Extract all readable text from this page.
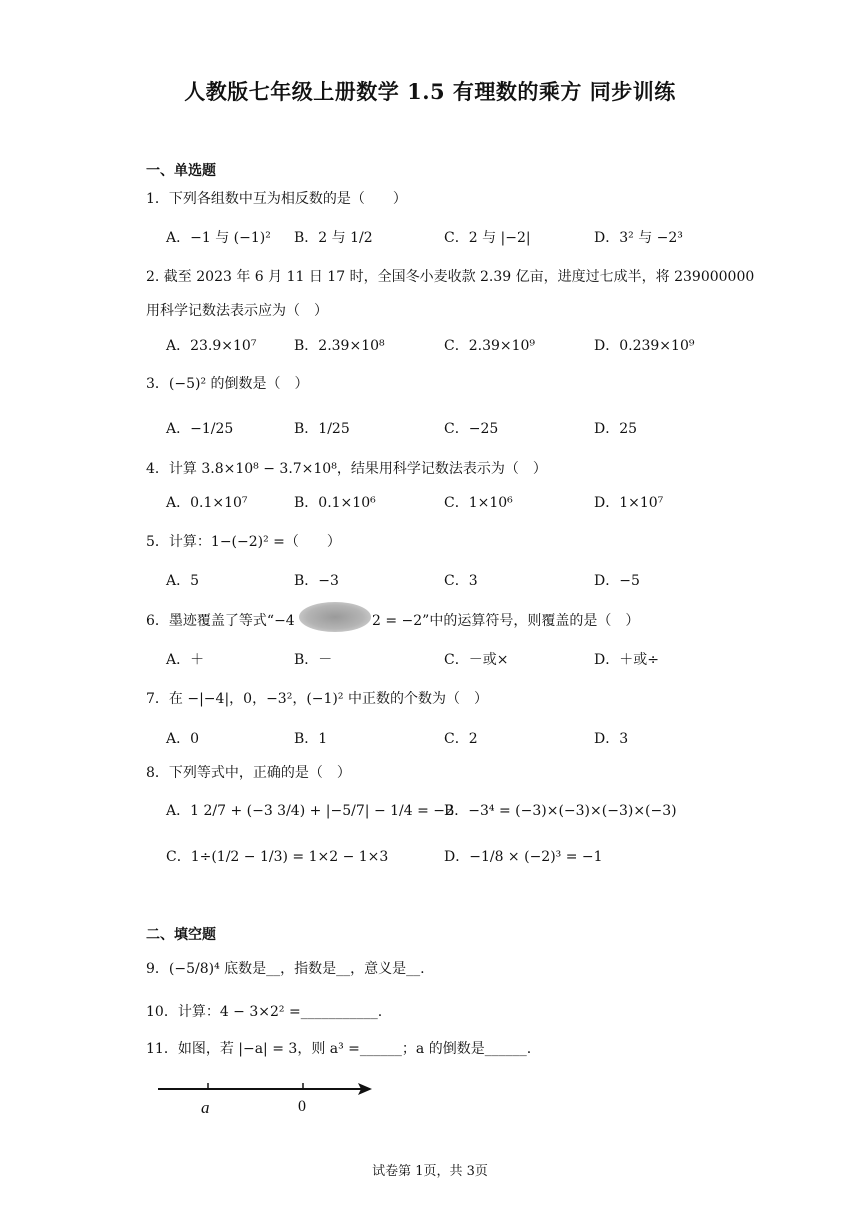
人教版七年级上册数学 1.5 有理数的乘方 同步训练
一、单选题
1．下列各组数中互为相反数的是（　　）
A．−1 与 (−1)² B．2 与 1/2	C．2 与 |−2|	D．3² 与 −2³
2. 截至 2023 年 6 月 11 日 17 时，全国冬小麦收款 2.39 亿亩，进度过七成半，将 239000000
用科学记数法表示应为（　）
A．23.9×10⁷	B．2.39×10⁸	C．2.39×10⁹	D．0.239×10⁹
3．(−5)² 的倒数是（　）
A．−1/25	B．1/25	C．−25	D．25
4．计算 3.8×10⁸ − 3.7×10⁸，结果用科学记数法表示为（　）
A．0.1×10⁷	B．0.1×10⁶	C．1×10⁶	D．1×10⁷
5．计算：1−(−2)² =（　　）
A．5	B．−3	C．3	D．−5
6．墨迹覆盖了等式“−4	2 = −2”中的运算符号，则覆盖的是（　）
A．＋	B．－	C．－或×	D．＋或÷
7．在 −|−4|，0，−3²，(−1)² 中正数的个数为（　）
A．0	B．1	C．2	D．3
8．下列等式中，正确的是（　）
A．1 2/7 + (−3 3/4) + |−5/7| − 1/4 = −2
B．−3⁴ = (−3)×(−3)×(−3)×(−3)
C．1÷(1/2 − 1/3) = 1×2 − 1×3	D．−1/8 × (−2)³ = −1
二、填空题
9．(−5/8)⁴ 底数是__，指数是__，意义是__.
10．计算：4 − 3×2² =___________.
11．如图，若 |−a| = 3，则 a³ =______；a 的倒数是______.
a	0
试卷第 1页，共 3页
